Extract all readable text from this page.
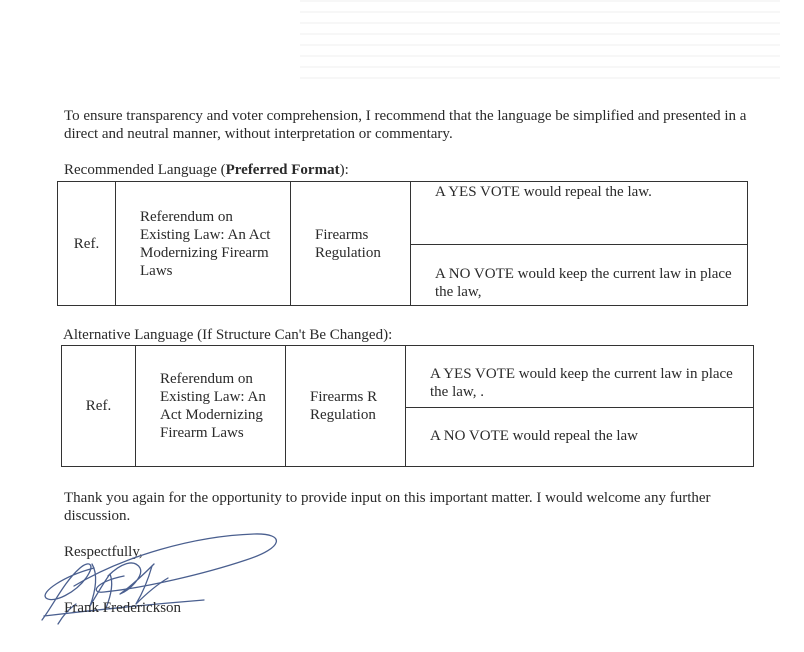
To ensure transparency and voter comprehension, I recommend that the language be simplified and presented in a direct and neutral manner, without interpretation or commentary.

Recommended Language (Preferred Format):
Ref.	Referendum on Existing Law: An Act Modernizing Firearm Laws	Firearms Regulation	A YES VOTE would repeal the law.
A NO VOTE would keep the current law in place the law,
Alternative Language (If Structure Can't Be Changed):
Ref.	Referendum on Existing Law: An Act Modernizing Firearm Laws	Firearms R Regulation	A YES VOTE would keep the current law in place the law, .
A NO VOTE would repeal the law

Thank you again for the opportunity to provide input on this important matter. I would welcome any further discussion.

Respectfully,
Frank Frederickson
